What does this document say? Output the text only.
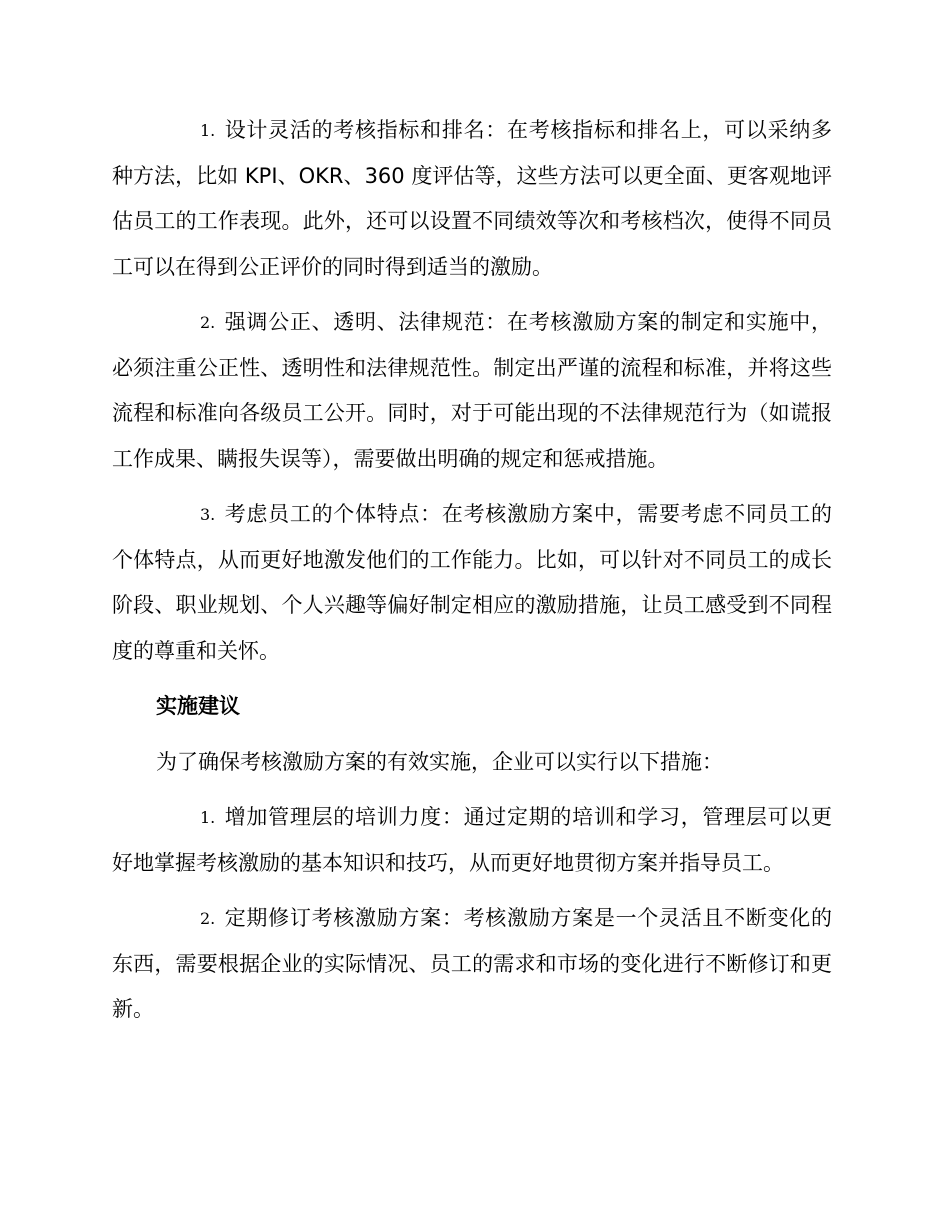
1. 设计灵活的考核指标和排名：在考核指标和排名上，可以采纳多种方法，比如 KPI、OKR、360 度评估等，这些方法可以更全面、更客观地评估员工的工作表现。此外，还可以设置不同绩效等次和考核档次，使得不同员工可以在得到公正评价的同时得到适当的激励。

2. 强调公正、透明、法律规范：在考核激励方案的制定和实施中，必须注重公正性、透明性和法律规范性。制定出严谨的流程和标准，并将这些流程和标准向各级员工公开。同时，对于可能出现的不法律规范行为（如谎报工作成果、瞒报失误等），需要做出明确的规定和惩戒措施。

3. 考虑员工的个体特点：在考核激励方案中，需要考虑不同员工的个体特点，从而更好地激发他们的工作能力。比如，可以针对不同员工的成长阶段、职业规划、个人兴趣等偏好制定相应的激励措施，让员工感受到不同程度的尊重和关怀。

实施建议

为了确保考核激励方案的有效实施，企业可以实行以下措施：

1. 增加管理层的培训力度：通过定期的培训和学习，管理层可以更好地掌握考核激励的基本知识和技巧，从而更好地贯彻方案并指导员工。

2. 定期修订考核激励方案：考核激励方案是一个灵活且不断变化的东西，需要根据企业的实际情况、员工的需求和市场的变化进行不断修订和更新。
